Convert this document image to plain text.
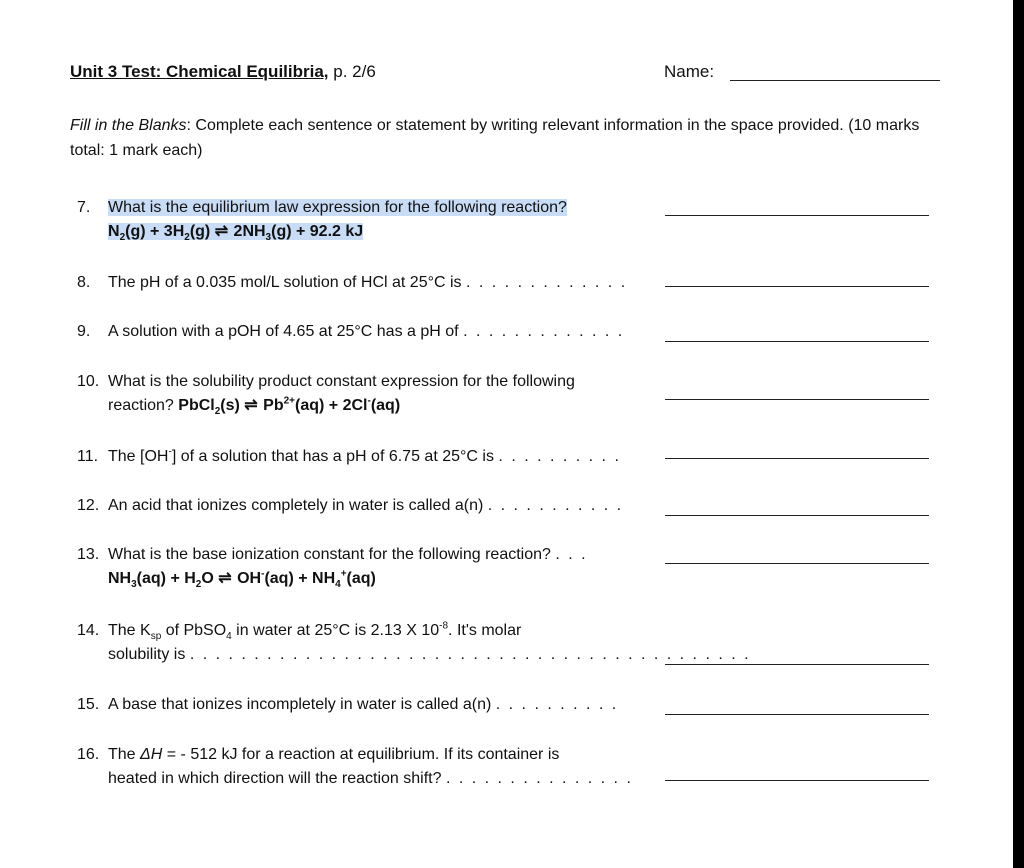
Unit 3 Test: Chemical Equilibria, p. 2/6	Name:
Fill in the Blanks: Complete each sentence or statement by writing relevant information in the space provided. (10 marks total: 1 mark each)
7. What is the equilibrium law expression for the following reaction?
$N_2(g) + 3H_2(g)$ ⇌ $2NH_3(g) + 92.2$ kJ
8. The pH of a 0.035 mol/L solution of HCl at 25°C is . . . . . . . . . . . . .
9. A solution with a pOH of 4.65 at 25°C has a pH of . . . . . . . . . . . . .
10. What is the solubility product constant expression for the following
reaction? PbCl$_2$(s) ⇌ $Pb^{2+}(aq) + 2Cl^-(aq)$
11. The [OH-] of a solution that has a pH of 6.75 at 25°C is . . . . . . . . . .
12. An acid that ionizes completely in water is called a(n) . . . . . . . . . . .
13. What is the base ionization constant for the following reaction? . . .
$NH_3(aq) + H_2O$ ⇌ $OH^-(aq) + NH_4^+(aq)$
14. The $K_{sp}$ of PbSO$_4$ in water at 25°C is 2.13 X $10^{-8}$. It's molar
solubility is . . . . . . . . . . . . . . . . . . . . . . . . . . . . . . . . . . . . . . . . . . . .
15. A base that ionizes incompletely in water is called a(n) . . . . . . . . . .
16. The ΔH = - 512 kJ for a reaction at equilibrium. If its container is
heated in which direction will the reaction shift? . . . . . . . . . . . . . . .
